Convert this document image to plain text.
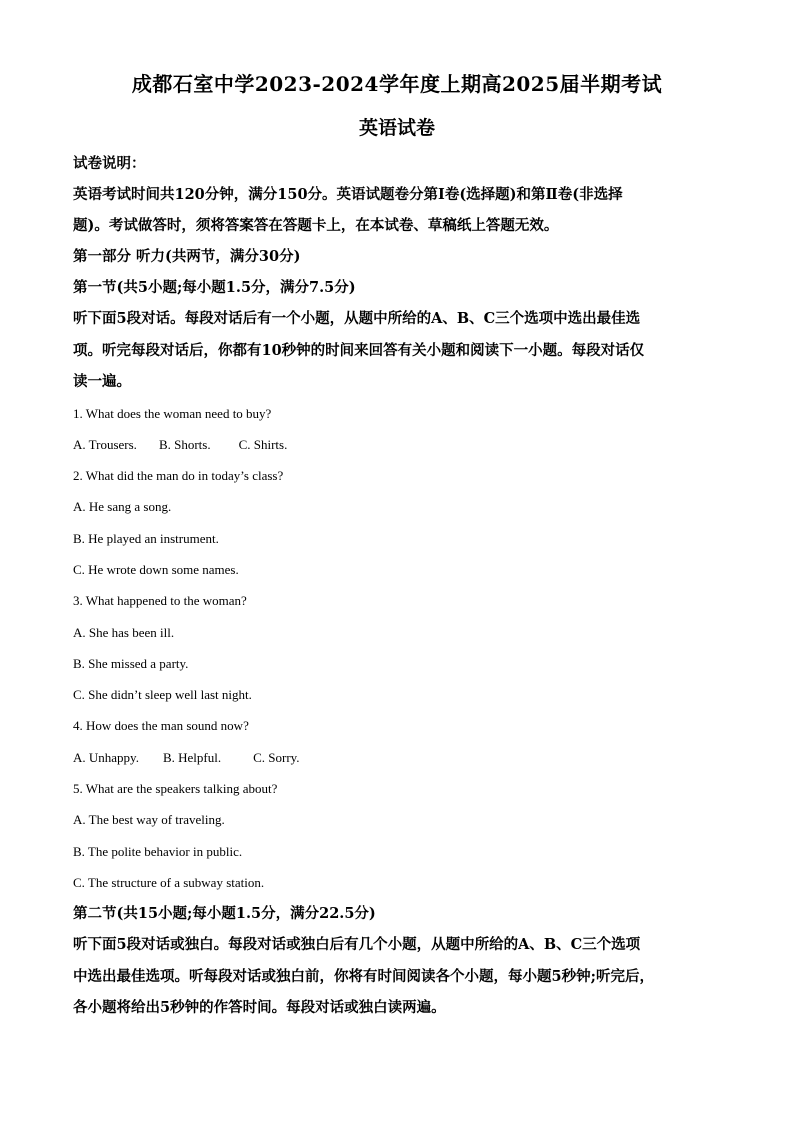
成都石室中学2023-2024学年度上期高2025届半期考试
英语试卷

试卷说明：

英语考试时间共120分钟，满分150分。英语试题卷分第Ⅰ卷(选择题)和第Ⅱ卷(非选择

题)。考试做答时，须将答案答在答题卡上，在本试卷、草稿纸上答题无效。

第一部分 听力(共两节，满分30分)

第一节(共5小题;每小题1.5分，满分7.5分)

听下面5段对话。每段对话后有一个小题，从题中所给的A、B、C三个选项中选出最佳选

项。听完每段对话后，你都有10秒钟的时间来回答有关小题和阅读下一小题。每段对话仅

读一遍。

1. What does the woman need to buy?

A. Trousers. B. Shorts. C. Shirts.

2. What did the man do in today’s class?

A. He sang a song.

B. He played an instrument.

C. He wrote down some names.

3. What happened to the woman?

A. She has been ill.

B. She missed a party.

C. She didn’t sleep well last night.

4. How does the man sound now?

A. Unhappy. B. Helpful. C. Sorry.

5. What are the speakers talking about?

A. The best way of traveling.

B. The polite behavior in public.

C. The structure of a subway station.

第二节(共15小题;每小题1.5分，满分22.5分)

听下面5段对话或独白。每段对话或独白后有几个小题，从题中所给的A、B、C三个选项

中选出最佳选项。听每段对话或独白前，你将有时间阅读各个小题，每小题5秒钟;听完后，

各小题将给出5秒钟的作答时间。每段对话或独白读两遍。
